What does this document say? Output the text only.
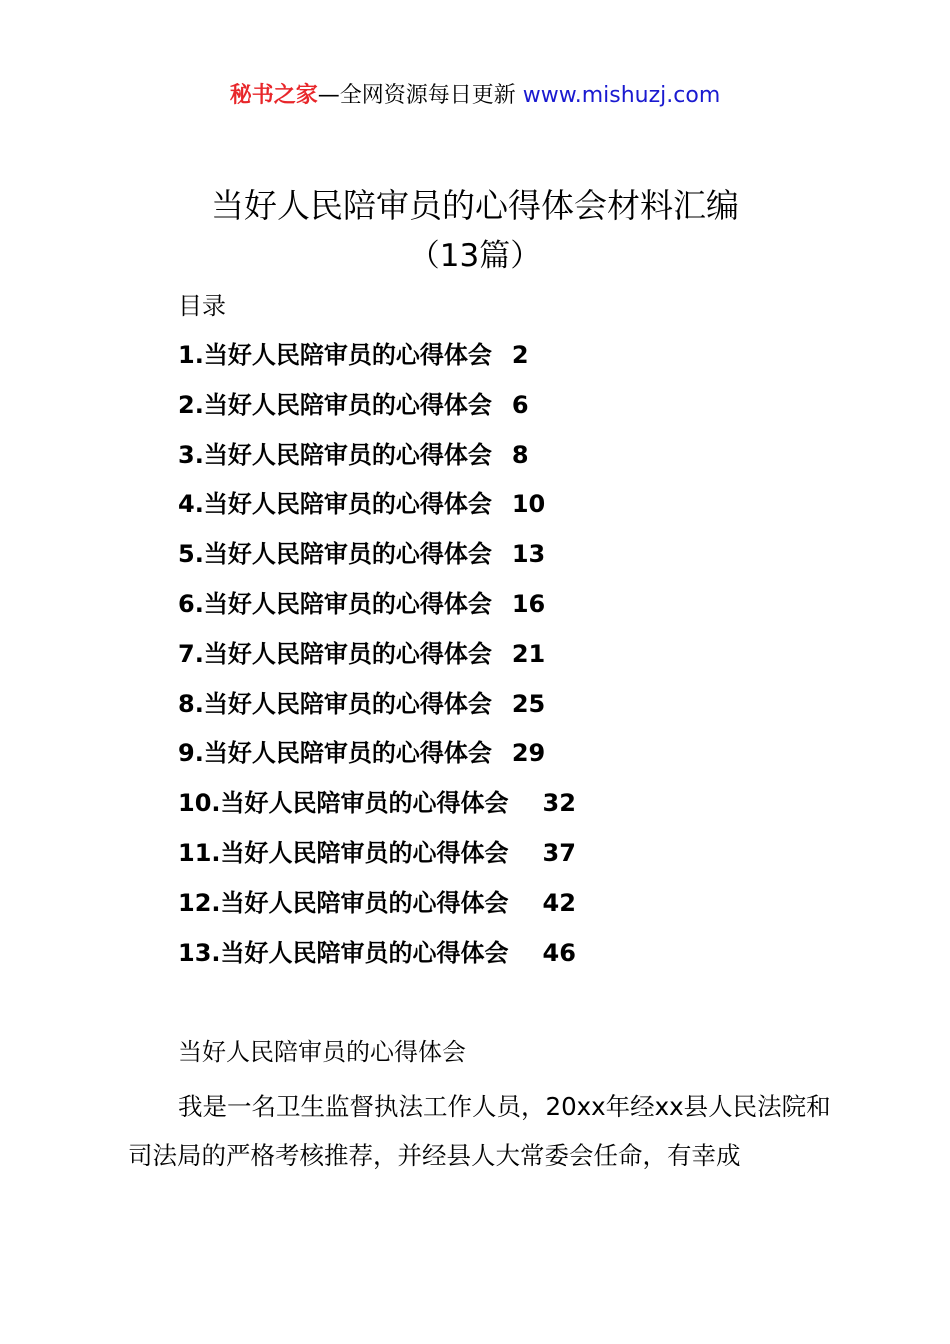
秘书之家—全网资源每日更新 www.mishuzj.com
当好人民陪审员的心得体会材料汇编
（13篇）
目录
1.当好人民陪审员的心得体会 2
2.当好人民陪审员的心得体会 6
3.当好人民陪审员的心得体会 8
4.当好人民陪审员的心得体会 10
5.当好人民陪审员的心得体会 13
6.当好人民陪审员的心得体会 16
7.当好人民陪审员的心得体会 21
8.当好人民陪审员的心得体会 25
9.当好人民陪审员的心得体会 29
10.当好人民陪审员的心得体会 32
11.当好人民陪审员的心得体会 37
12.当好人民陪审员的心得体会 42
13.当好人民陪审员的心得体会 46
当好人民陪审员的心得体会

我是一名卫生监督执法工作人员，20xx年经xx县人民法院和司法局的严格考核推荐，并经县人大常委会任命，有幸成
